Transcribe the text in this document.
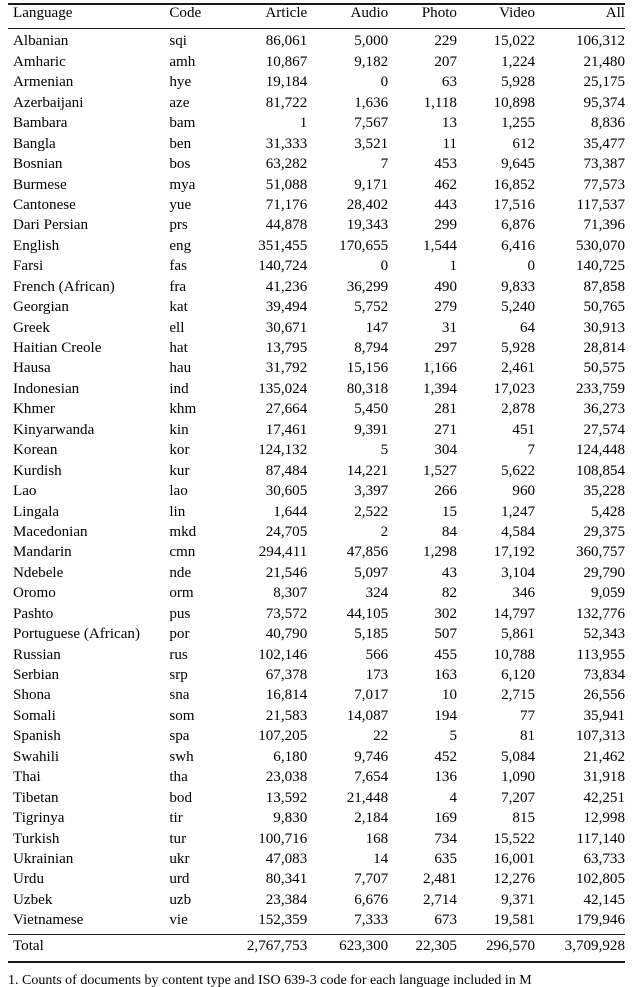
Language	Code	Article	Audio	Photo	Video	All

Albanian	sqi	86,061	5,000	229	15,022	106,312
Amharic	amh	10,867	9,182	207	1,224	21,480
Armenian	hye	19,184	0	63	5,928	25,175
Azerbaijani	aze	81,722	1,636	1,118	10,898	95,374
Bambara	bam	1	7,567	13	1,255	8,836
Bangla	ben	31,333	3,521	11	612	35,477
Bosnian	bos	63,282	7	453	9,645	73,387
Burmese	mya	51,088	9,171	462	16,852	77,573
Cantonese	yue	71,176	28,402	443	17,516	117,537
Dari Persian	prs	44,878	19,343	299	6,876	71,396
English	eng	351,455	170,655	1,544	6,416	530,070
Farsi	fas	140,724	0	1	0	140,725
French (African)	fra	41,236	36,299	490	9,833	87,858
Georgian	kat	39,494	5,752	279	5,240	50,765
Greek	ell	30,671	147	31	64	30,913
Haitian Creole	hat	13,795	8,794	297	5,928	28,814
Hausa	hau	31,792	15,156	1,166	2,461	50,575
Indonesian	ind	135,024	80,318	1,394	17,023	233,759
Khmer	khm	27,664	5,450	281	2,878	36,273
Kinyarwanda	kin	17,461	9,391	271	451	27,574
Korean	kor	124,132	5	304	7	124,448
Kurdish	kur	87,484	14,221	1,527	5,622	108,854
Lao	lao	30,605	3,397	266	960	35,228
Lingala	lin	1,644	2,522	15	1,247	5,428
Macedonian	mkd	24,705	2	84	4,584	29,375
Mandarin	cmn	294,411	47,856	1,298	17,192	360,757
Ndebele	nde	21,546	5,097	43	3,104	29,790
Oromo	orm	8,307	324	82	346	9,059
Pashto	pus	73,572	44,105	302	14,797	132,776
Portuguese (African)	por	40,790	5,185	507	5,861	52,343
Russian	rus	102,146	566	455	10,788	113,955
Serbian	srp	67,378	173	163	6,120	73,834
Shona	sna	16,814	7,017	10	2,715	26,556
Somali	som	21,583	14,087	194	77	35,941
Spanish	spa	107,205	22	5	81	107,313
Swahili	swh	6,180	9,746	452	5,084	21,462
Thai	tha	23,038	7,654	136	1,090	31,918
Tibetan	bod	13,592	21,448	4	7,207	42,251
Tigrinya	tir	9,830	2,184	169	815	12,998
Turkish	tur	100,716	168	734	15,522	117,140
Ukrainian	ukr	47,083	14	635	16,001	63,733
Urdu	urd	80,341	7,707	2,481	12,276	102,805
Uzbek	uzb	23,384	6,676	2,714	9,371	42,145
Vietnamese	vie	152,359	7,333	673	19,581	179,946

Total		2,767,753	623,300	22,305	296,570	3,709,928

1. Counts of documents by content type and ISO 639-3 code for each language included in M
